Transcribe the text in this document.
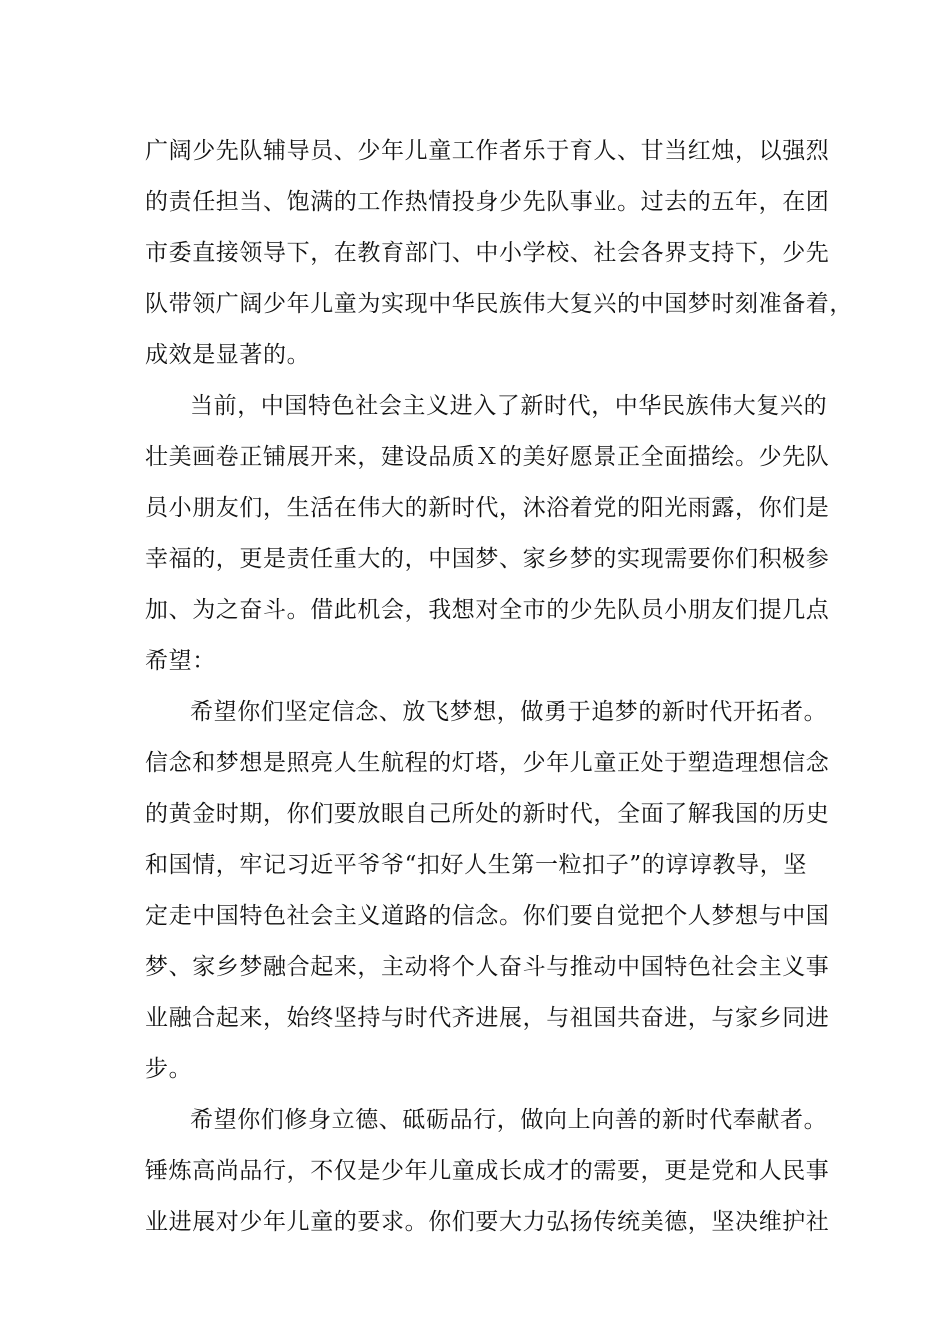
广阔少先队辅导员、少年儿童工作者乐于育人、甘当红烛，以强烈
的责任担当、饱满的工作热情投身少先队事业。过去的五年，在团
市委直接领导下，在教育部门、中小学校、社会各界支持下，少先
队带领广阔少年儿童为实现中华民族伟大复兴的中国梦时刻准备着，
成效是显著的。
当前，中国特色社会主义进入了新时代，中华民族伟大复兴的
壮美画卷正铺展开来，建设品质Ｘ的美好愿景正全面描绘。少先队
员小朋友们，生活在伟大的新时代，沐浴着党的阳光雨露，你们是
幸福的，更是责任重大的，中国梦、家乡梦的实现需要你们积极参
加、为之奋斗。借此机会，我想对全市的少先队员小朋友们提几点
希望：
希望你们坚定信念、放飞梦想，做勇于追梦的新时代开拓者。
信念和梦想是照亮人生航程的灯塔，少年儿童正处于塑造理想信念
的黄金时期，你们要放眼自己所处的新时代，全面了解我国的历史
和国情，牢记习近平爷爷“扣好人生第一粒扣子”的谆谆教导，坚
定走中国特色社会主义道路的信念。你们要自觉把个人梦想与中国
梦、家乡梦融合起来，主动将个人奋斗与推动中国特色社会主义事
业融合起来，始终坚持与时代齐进展，与祖国共奋进，与家乡同进
步。
希望你们修身立德、砥砺品行，做向上向善的新时代奉献者。
锤炼高尚品行，不仅是少年儿童成长成才的需要，更是党和人民事
业进展对少年儿童的要求。你们要大力弘扬传统美德，坚决维护社
